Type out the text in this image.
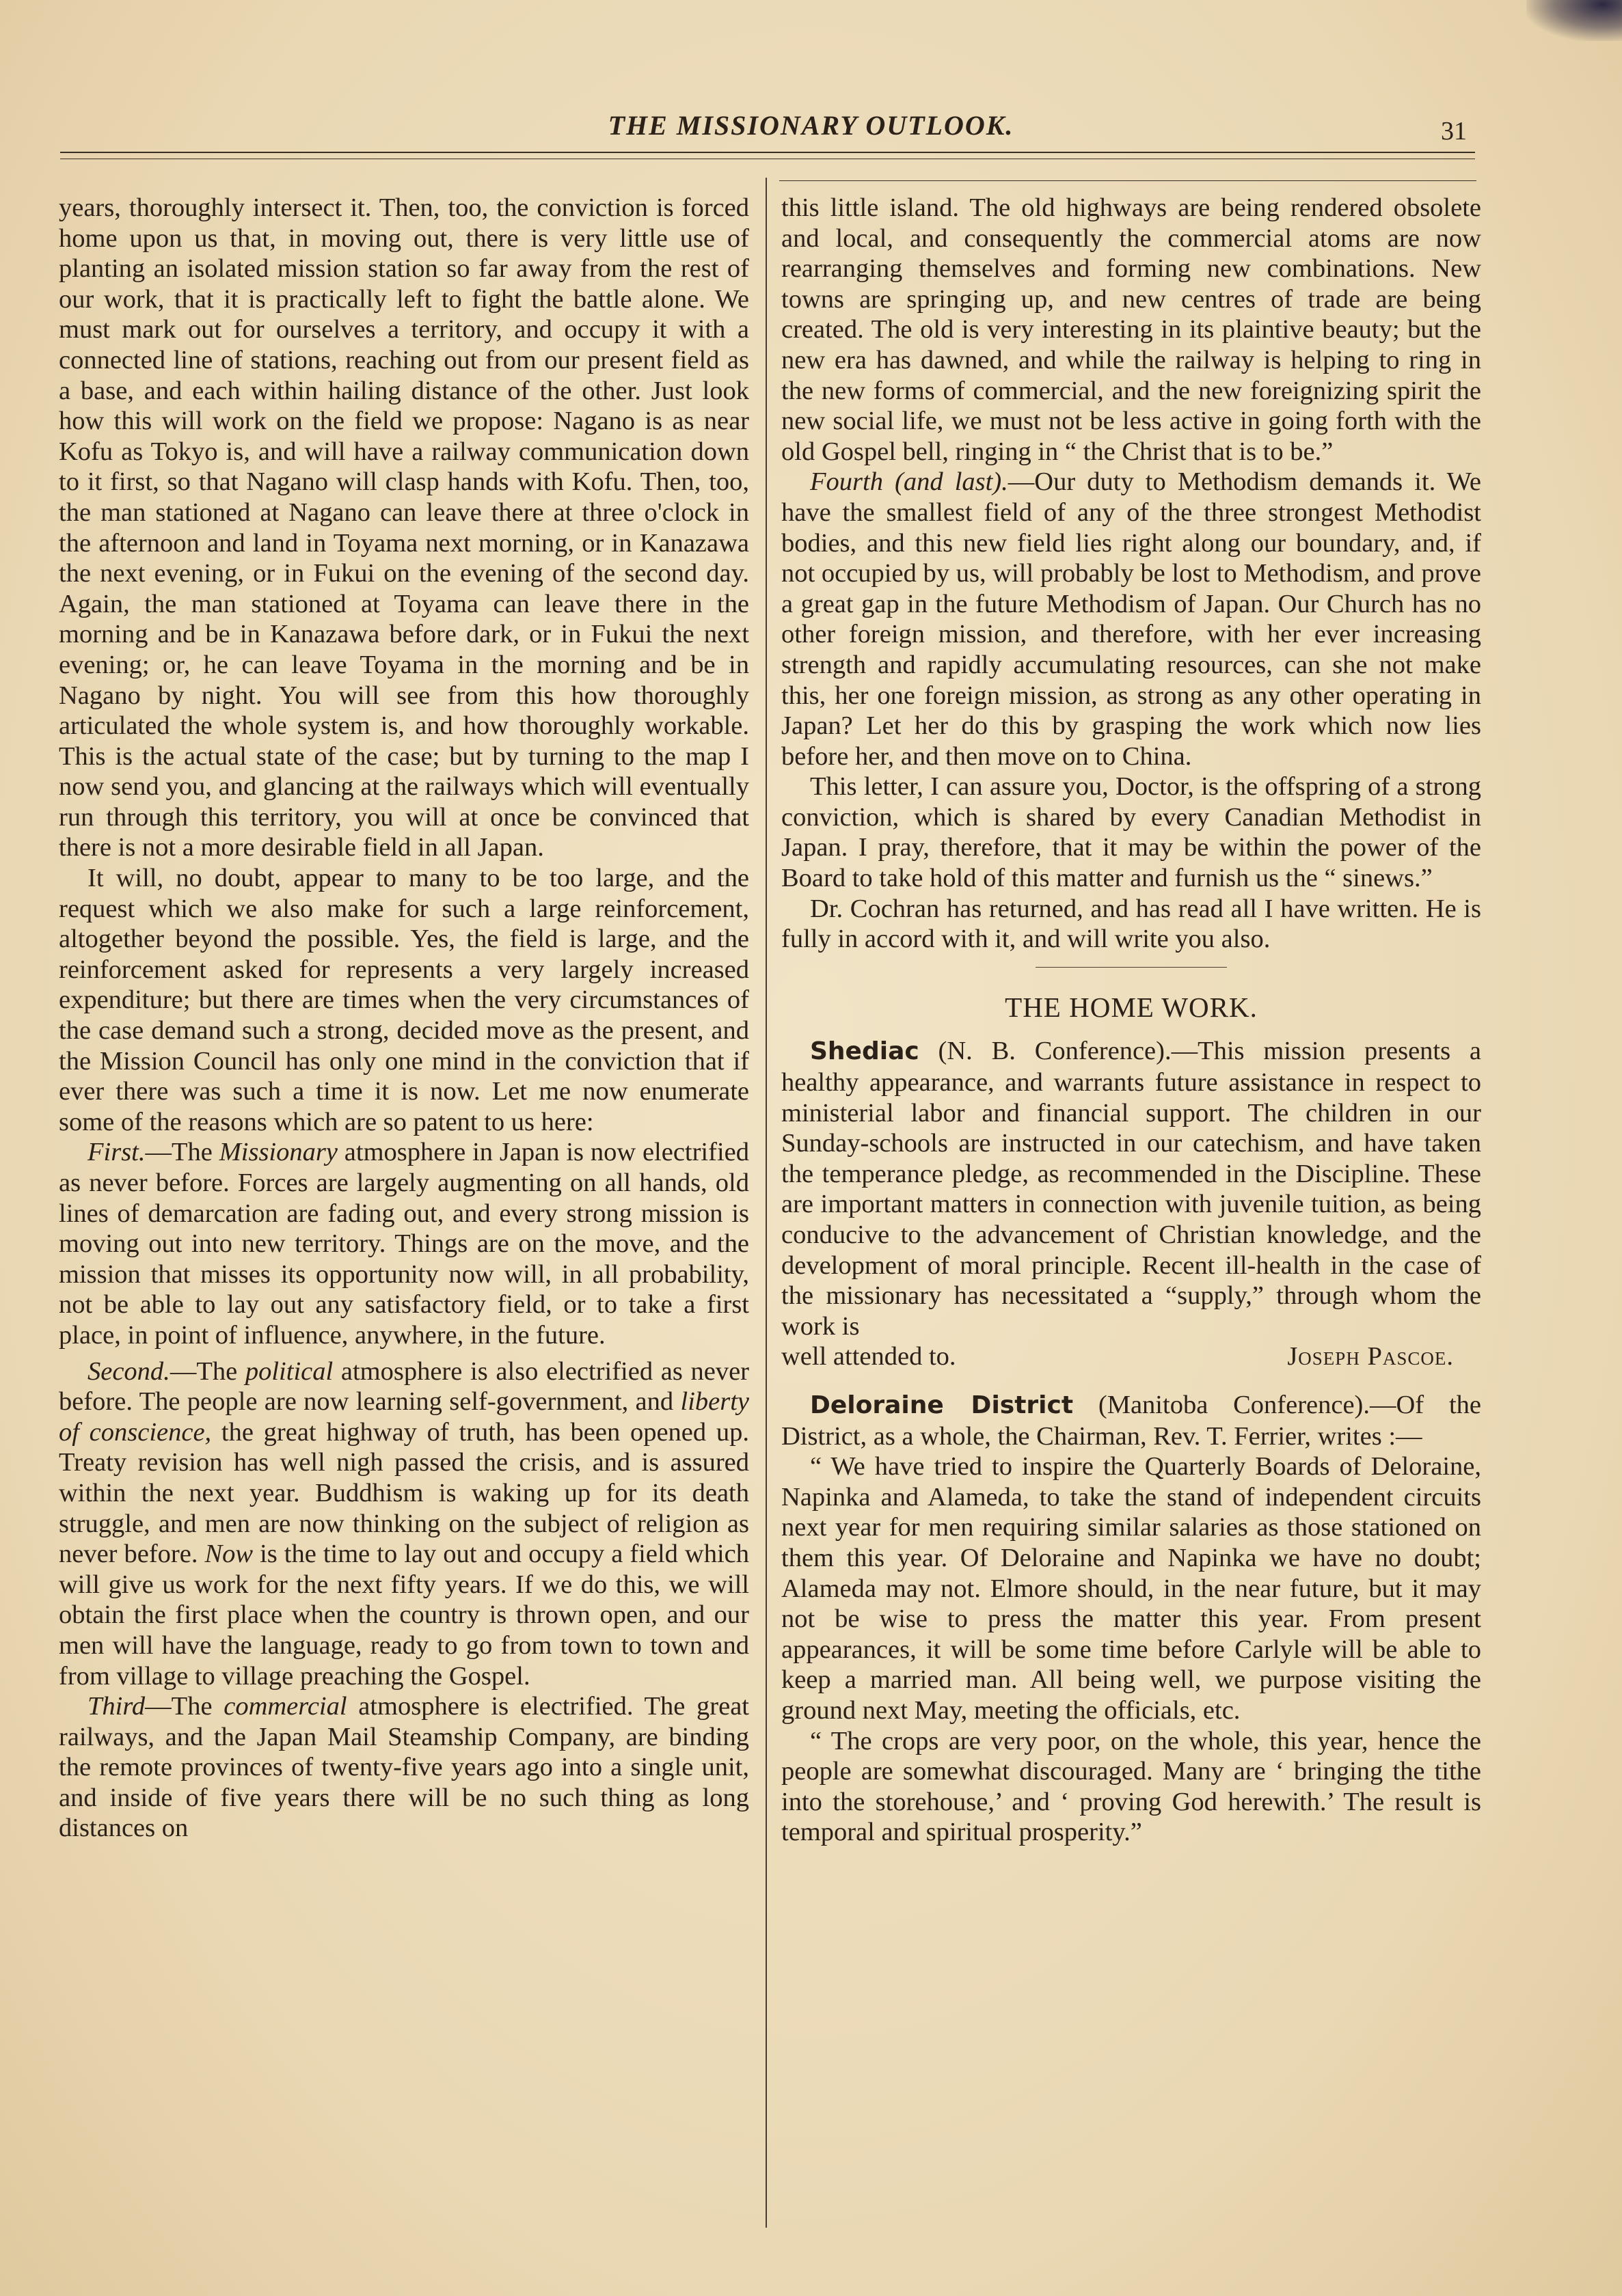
THE MISSIONARY OUTLOOK.	31

years, thoroughly intersect it. Then, too, the conviction is forced home upon us that, in moving out, there is very little use of planting an isolated mission station so far away from the rest of our work, that it is practically left to fight the battle alone. We must mark out for ourselves a territory, and occupy it with a connected line of stations, reaching out from our present field as a base, and each within hailing distance of the other. Just look how this will work on the field we propose: Nagano is as near Kofu as Tokyo is, and will have a railway communication down to it first, so that Nagano will clasp hands with Kofu. Then, too, the man stationed at Nagano can leave there at three o'clock in the afternoon and land in Toyama next morning, or in Kanazawa the next evening, or in Fukui on the evening of the second day. Again, the man stationed at Toyama can leave there in the morning and be in Kanazawa before dark, or in Fukui the next evening; or, he can leave Toyama in the morning and be in Nagano by night. You will see from this how thoroughly articulated the whole system is, and how thoroughly workable. This is the actual state of the case; but by turning to the map I now send you, and glancing at the railways which will eventually run through this territory, you will at once be convinced that there is not a more desirable field in all Japan.

It will, no doubt, appear to many to be too large, and the request which we also make for such a large reinforcement, altogether beyond the possible. Yes, the field is large, and the reinforcement asked for represents a very largely increased expenditure; but there are times when the very circumstances of the case demand such a strong, decided move as the present, and the Mission Council has only one mind in the conviction that if ever there was such a time it is now. Let me now enumerate some of the reasons which are so patent to us here:

First.—The Missionary atmosphere in Japan is now electrified as never before. Forces are largely augmenting on all hands, old lines of demarcation are fading out, and every strong mission is moving out into new territory. Things are on the move, and the mission that misses its opportunity now will, in all probability, not be able to lay out any satisfactory field, or to take a first place, in point of influence, anywhere, in the future.

Second.—The political atmosphere is also electrified as never before. The people are now learning self-government, and liberty of conscience, the great highway of truth, has been opened up. Treaty revision has well nigh passed the crisis, and is assured within the next year. Buddhism is waking up for its death struggle, and men are now thinking on the subject of religion as never before. Now is the time to lay out and occupy a field which will give us work for the next fifty years. If we do this, we will obtain the first place when the country is thrown open, and our men will have the language, ready to go from town to town and from village to village preaching the Gospel.

Third—The commercial atmosphere is electrified. The great railways, and the Japan Mail Steamship Company, are binding the remote provinces of twenty-five years ago into a single unit, and inside of five years there will be no such thing as long distances on

this little island. The old highways are being rendered obsolete and local, and consequently the commercial atoms are now rearranging themselves and forming new combinations. New towns are springing up, and new centres of trade are being created. The old is very interesting in its plaintive beauty; but the new era has dawned, and while the railway is helping to ring in the new forms of commercial, and the new foreignizing spirit the new social life, we must not be less active in going forth with the old Gospel bell, ringing in “ the Christ that is to be.”

Fourth (and last).—Our duty to Methodism demands it. We have the smallest field of any of the three strongest Methodist bodies, and this new field lies right along our boundary, and, if not occupied by us, will probably be lost to Methodism, and prove a great gap in the future Methodism of Japan. Our Church has no other foreign mission, and therefore, with her ever increasing strength and rapidly accumulating resources, can she not make this, her one foreign mission, as strong as any other operating in Japan? Let her do this by grasping the work which now lies before her, and then move on to China.

This letter, I can assure you, Doctor, is the offspring of a strong conviction, which is shared by every Canadian Methodist in Japan. I pray, therefore, that it may be within the power of the Board to take hold of this matter and furnish us the “ sinews.”

Dr. Cochran has returned, and has read all I have written. He is fully in accord with it, and will write you also.

THE HOME WORK.

Shediac (N. B. Conference).—This mission presents a healthy appearance, and warrants future assistance in respect to ministerial labor and financial support. The children in our Sunday-schools are instructed in our catechism, and have taken the temperance pledge, as recommended in the Discipline. These are important matters in connection with juvenile tuition, as being conducive to the advancement of Christian knowledge, and the development of moral principle. Recent ill-health in the case of the missionary has necessitated a “supply,” through whom the work is

well attended to.	Joseph Pascoe.

Deloraine District (Manitoba Conference).—Of the District, as a whole, the Chairman, Rev. T. Ferrier, writes :—

“ We have tried to inspire the Quarterly Boards of Deloraine, Napinka and Alameda, to take the stand of independent circuits next year for men requiring similar salaries as those stationed on them this year. Of Deloraine and Napinka we have no doubt; Alameda may not. Elmore should, in the near future, but it may not be wise to press the matter this year. From present appearances, it will be some time before Carlyle will be able to keep a married man. All being well, we purpose visiting the ground next May, meeting the officials, etc.

“ The crops are very poor, on the whole, this year, hence the people are somewhat discouraged. Many are ‘ bringing the tithe into the storehouse,’ and ‘ proving God herewith.’ The result is temporal and spiritual prosperity.”
